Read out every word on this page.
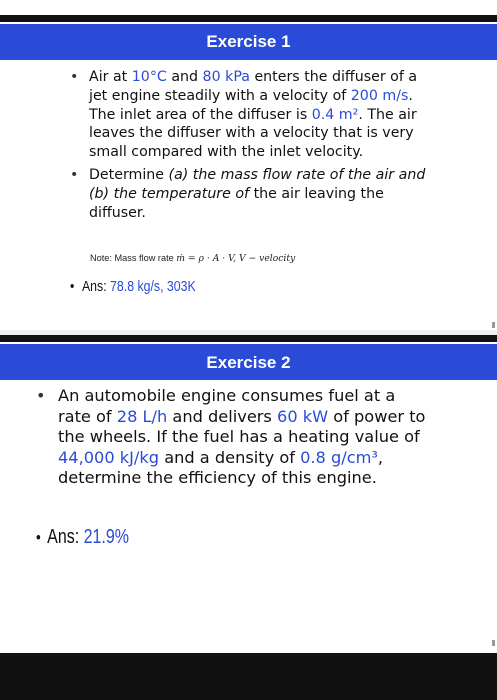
Exercise 1
• Air at 10°C and 80 kPa enters the diffuser of a jet engine steadily with a velocity of 200 m/s. The inlet area of the diffuser is 0.4 m². The air leaves the diffuser with a velocity that is very small compared with the inlet velocity.
• Determine (a) the mass flow rate of the air and (b) the temperature of the air leaving the diffuser.
Note: Mass flow rate ṁ = ρ · A · V, V − velocity
• Ans: 78.8 kg/s, 303K
Exercise 2
• An automobile engine consumes fuel at a rate of 28 L/h and delivers 60 kW of power to the wheels. If the fuel has a heating value of 44,000 kJ/kg and a density of 0.8 g/cm³, determine the efficiency of this engine.
• Ans: 21.9%
